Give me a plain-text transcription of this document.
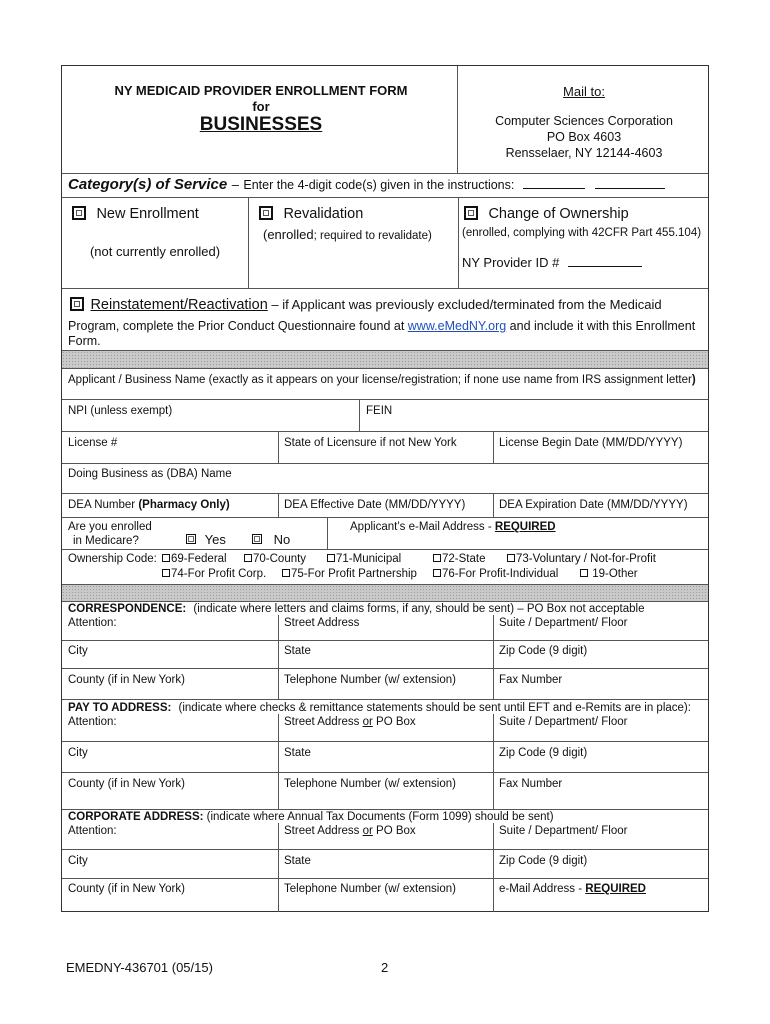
NY MEDICAID PROVIDER ENROLLMENT FORM
for
BUSINESSES
Mail to:
Computer Sciences Corporation
PO Box 4603
Rensselaer, NY 12144-4603
Category(s) of Service – Enter the 4-digit code(s) given in the instructions:
New Enrollment
(not currently enrolled)
Revalidation
(enrolled; required to revalidate)
Change of Ownership
(enrolled, complying with 42CFR Part 455.104)
NY Provider ID #
Reinstatement/Reactivation – if Applicant was previously excluded/terminated from the Medicaid
Program, complete the Prior Conduct Questionnaire found at www.eMedNY.org and include it with this Enrollment
Form.
Applicant / Business Name (exactly as it appears on your license/registration; if none use name from IRS assignment letter)
NPI (unless exempt)	FEIN
License #	State of Licensure if not New York	License Begin Date (MM/DD/YYYY)
Doing Business as (DBA) Name
DEA Number (Pharmacy Only)	DEA Effective Date (MM/DD/YYYY)	DEA Expiration Date (MM/DD/YYYY)
Are you enrolled
in Medicare?	Yes	No
Applicant’s e-Mail Address - REQUIRED
Ownership Code:	69-Federal	70-County	71-Municipal	72-State	73-Voluntary / Not-for-Profit
74-For Profit Corp.	75-For Profit Partnership	76-For Profit-Individual	19-Other
CORRESPONDENCE: (indicate where letters and claims forms, if any, should be sent) – PO Box not acceptable
Attention:	Street Address	Suite / Department/ Floor
City	State	Zip Code (9 digit)
County (if in New York)	Telephone Number (w/ extension)	Fax Number
PAY TO ADDRESS: (indicate where checks & remittance statements should be sent until EFT and e-Remits are in place):
Attention:	Street Address or PO Box	Suite / Department/ Floor
City	State	Zip Code (9 digit)
County (if in New York)	Telephone Number (w/ extension)	Fax Number
CORPORATE ADDRESS: (indicate where Annual Tax Documents (Form 1099) should be sent)
Attention:	Street Address or PO Box	Suite / Department/ Floor
City	State	Zip Code (9 digit)
County (if in New York)	Telephone Number (w/ extension)	e-Mail Address - REQUIRED
EMEDNY-436701 (05/15)	2
